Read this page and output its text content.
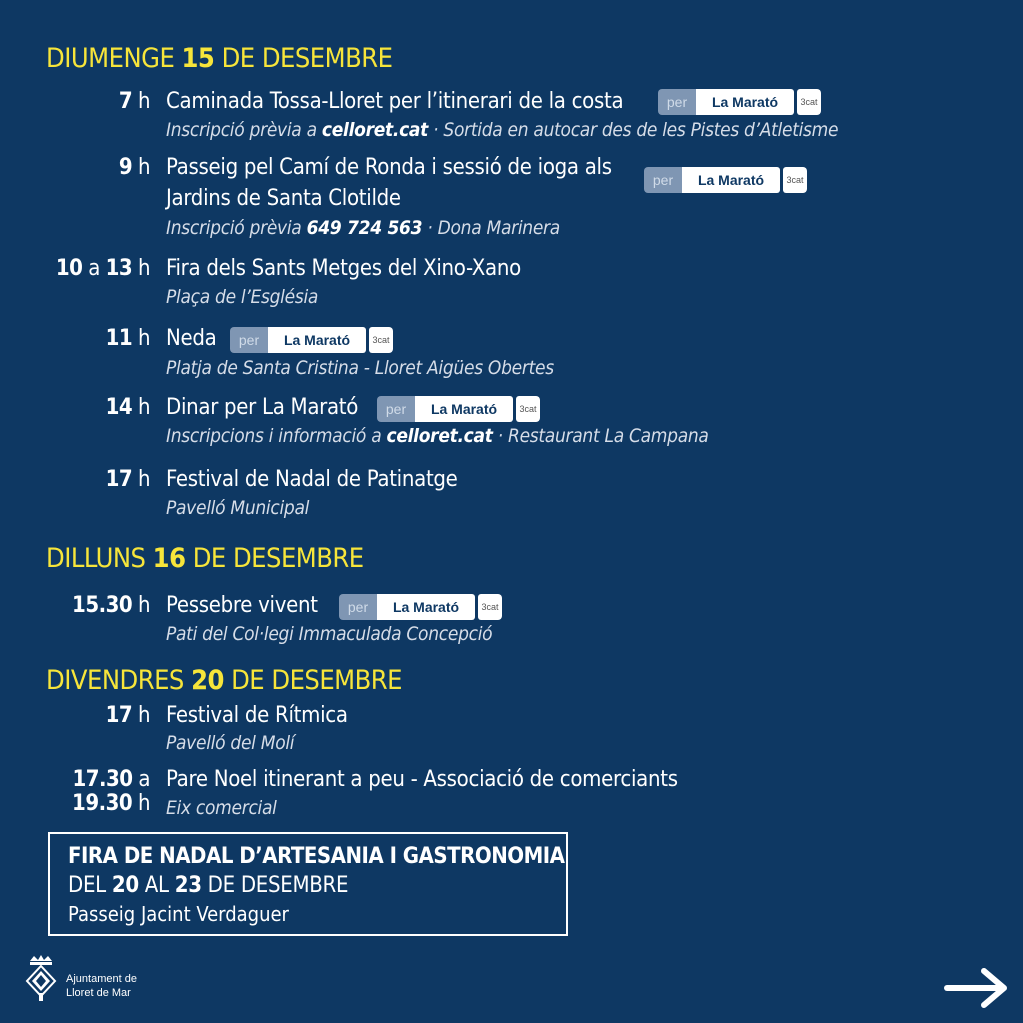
DIUMENGE 15 DE DESEMBRE
7 h Caminada Tossa-Lloret per l’itinerari de la costa	per	La Marató	3cat
Inscripció prèvia a celloret.cat · Sortida en autocar des de les Pistes d’Atletisme
9 h Passeig pel Camí de Ronda i sessió de ioga als
Jardins de Santa Clotilde
per	La Marató	3cat
Inscripció prèvia 649 724 563 · Dona Marinera
10 a 13 h Fira dels Sants Metges del Xino-Xano
Plaça de l’Església
11 h Neda	per	La Marató	3cat
Platja de Santa Cristina - Lloret Aigües Obertes
14 h Dinar per La Marató	per	La Marató	3cat
Inscripcions i informació a celloret.cat · Restaurant La Campana
17 h Festival de Nadal de Patinatge
Pavelló Municipal
DILLUNS 16 DE DESEMBRE
15.30 h Pessebre vivent	per	La Marató	3cat
Pati del Col·legi Immaculada Concepció
DIVENDRES 20 DE DESEMBRE
17 h Festival de Rítmica
Pavelló del Molí
17.30 a
19.30 h
Pare Noel itinerant a peu - Associació de comerciants
Eix comercial
FIRA DE NADAL D’ARTESANIA I GASTRONOMIA
DEL 20 AL 23 DE DESEMBRE
Passeig Jacint Verdaguer
Ajuntament de
Lloret de Mar
